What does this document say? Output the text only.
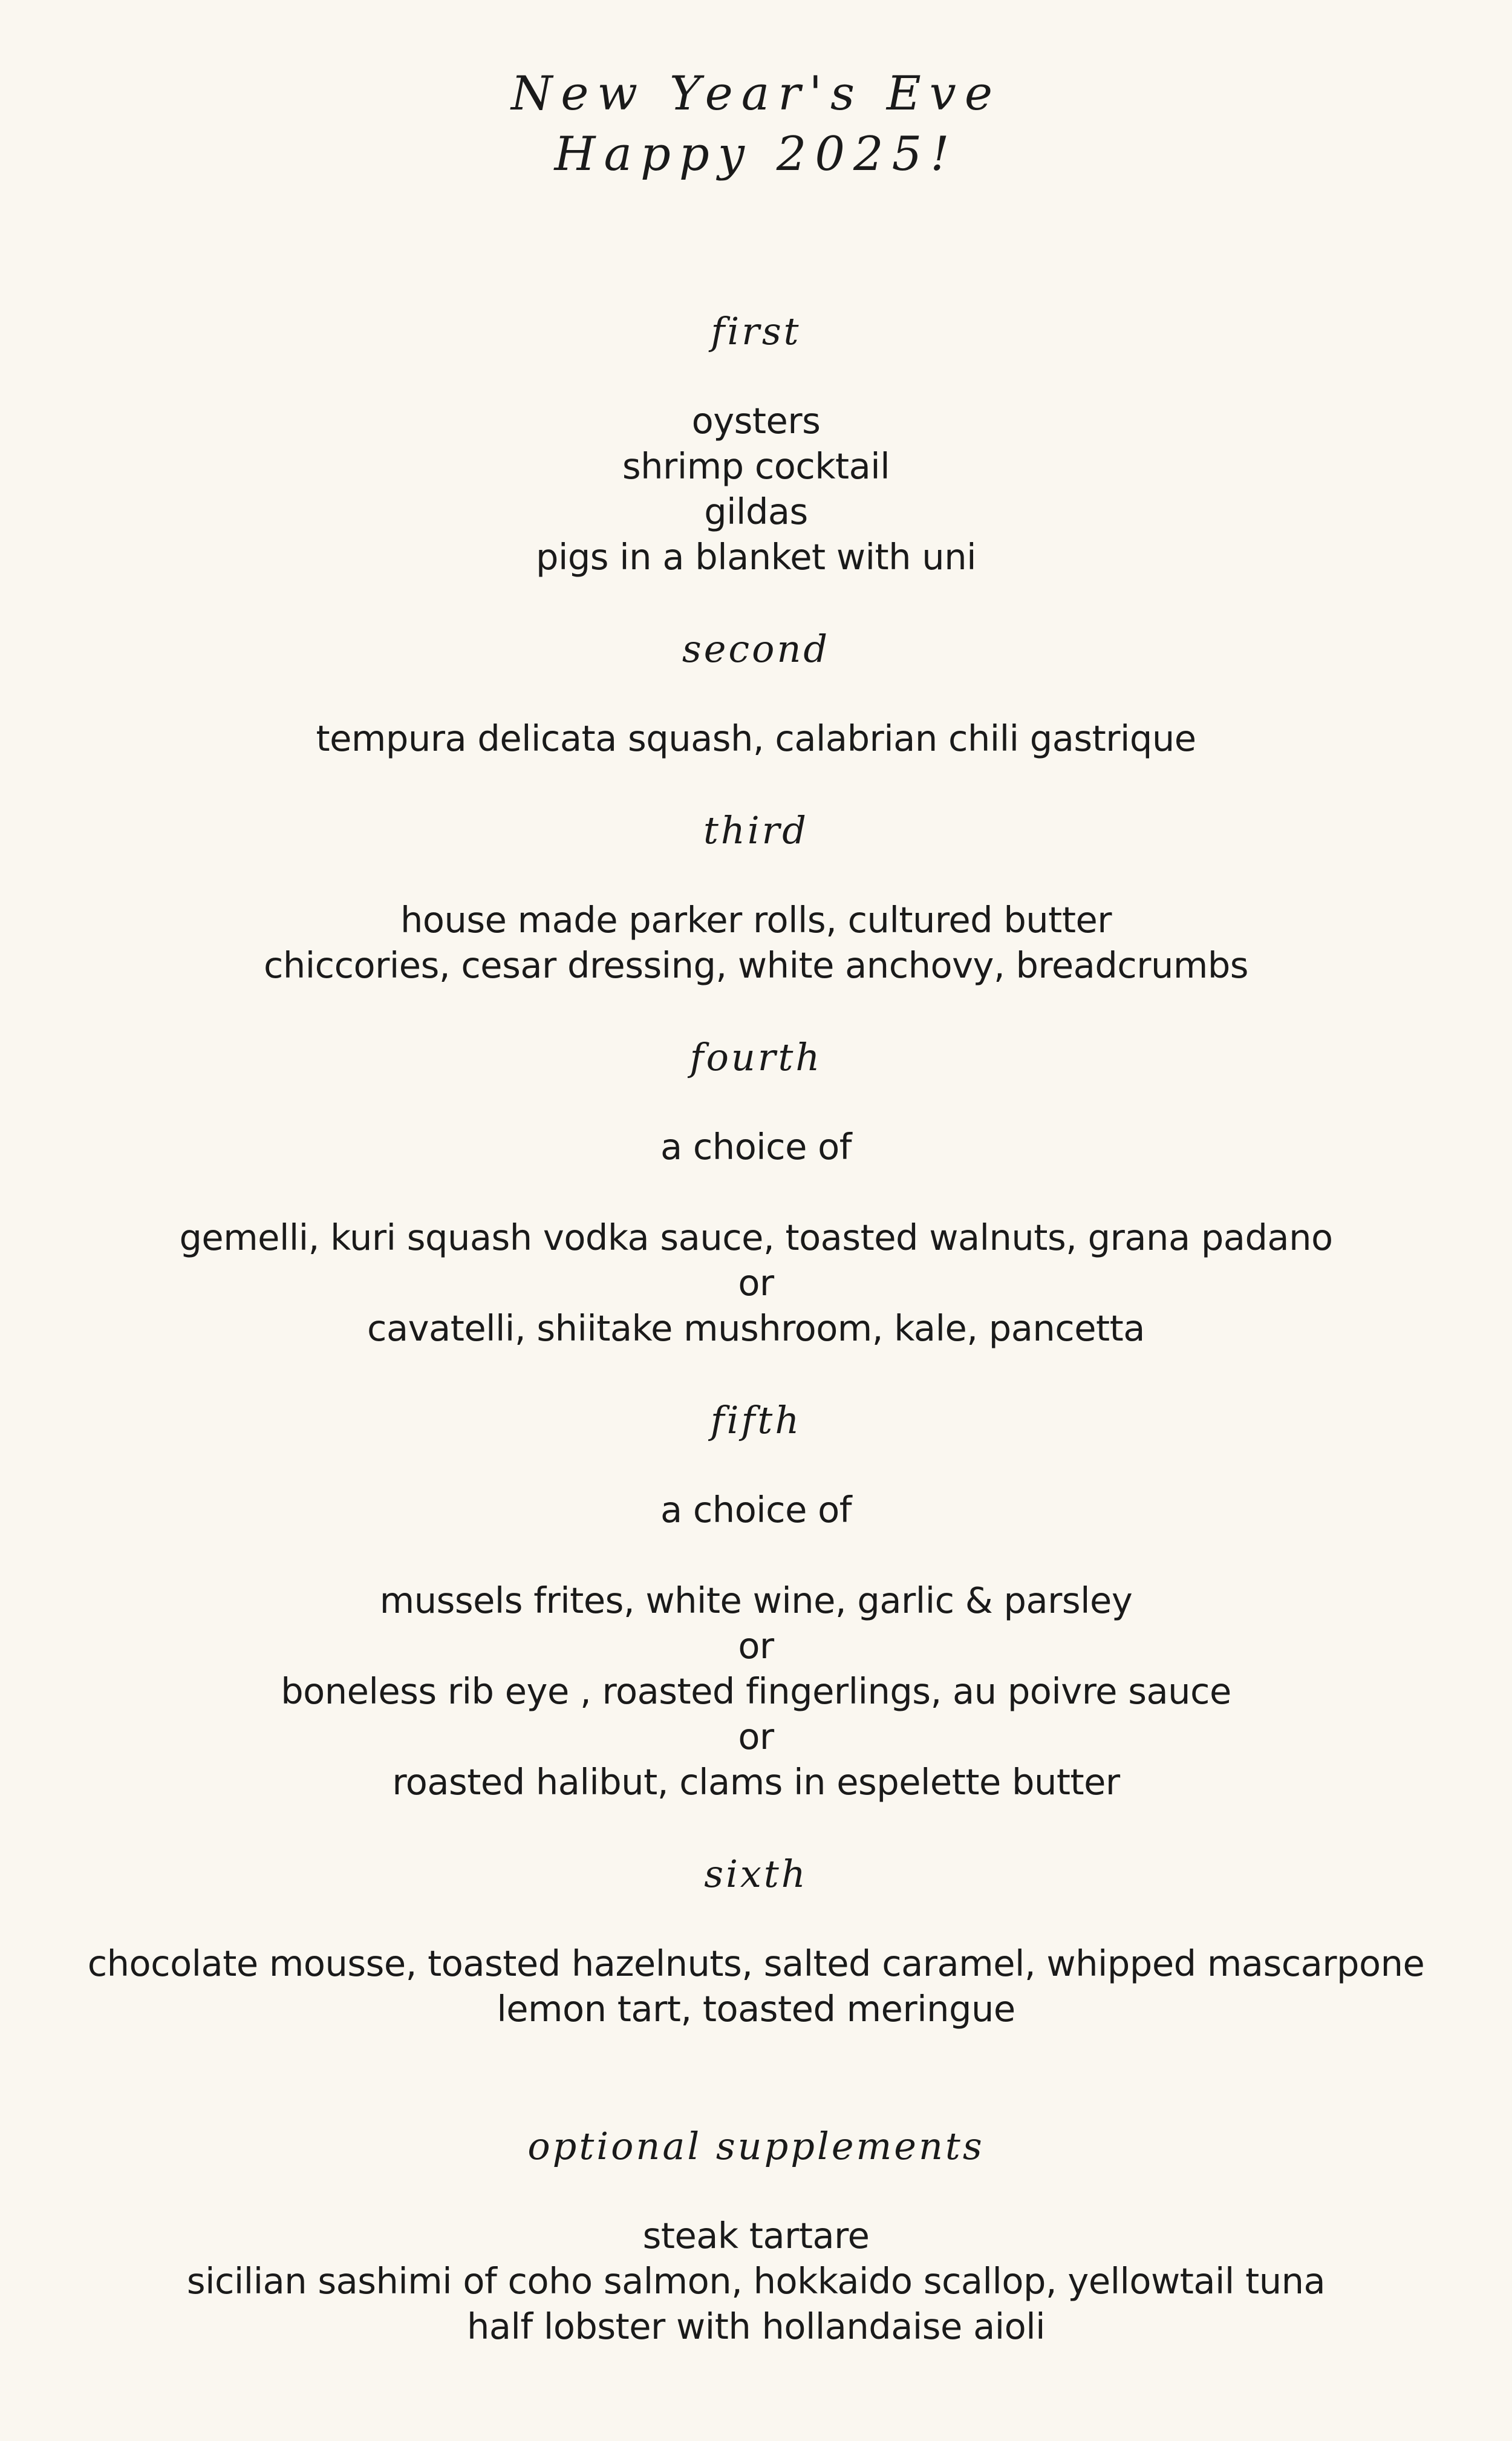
New Year's Eve
Happy 2025!
first
oysters
shrimp cocktail
gildas
pigs in a blanket with uni
second
tempura delicata squash, calabrian chili gastrique
third
house made parker rolls, cultured butter
chiccories, cesar dressing, white anchovy, breadcrumbs
fourth
a choice of
gemelli, kuri squash vodka sauce, toasted walnuts, grana padano
or
cavatelli, shiitake mushroom, kale, pancetta
fifth
a choice of
mussels frites, white wine, garlic & parsley
or
boneless rib eye , roasted fingerlings, au poivre sauce
or
roasted halibut, clams in espelette butter
sixth
chocolate mousse, toasted hazelnuts, salted caramel, whipped mascarpone
lemon tart, toasted meringue
optional supplements
steak tartare
sicilian sashimi of coho salmon, hokkaido scallop, yellowtail tuna
half lobster with hollandaise aioli
